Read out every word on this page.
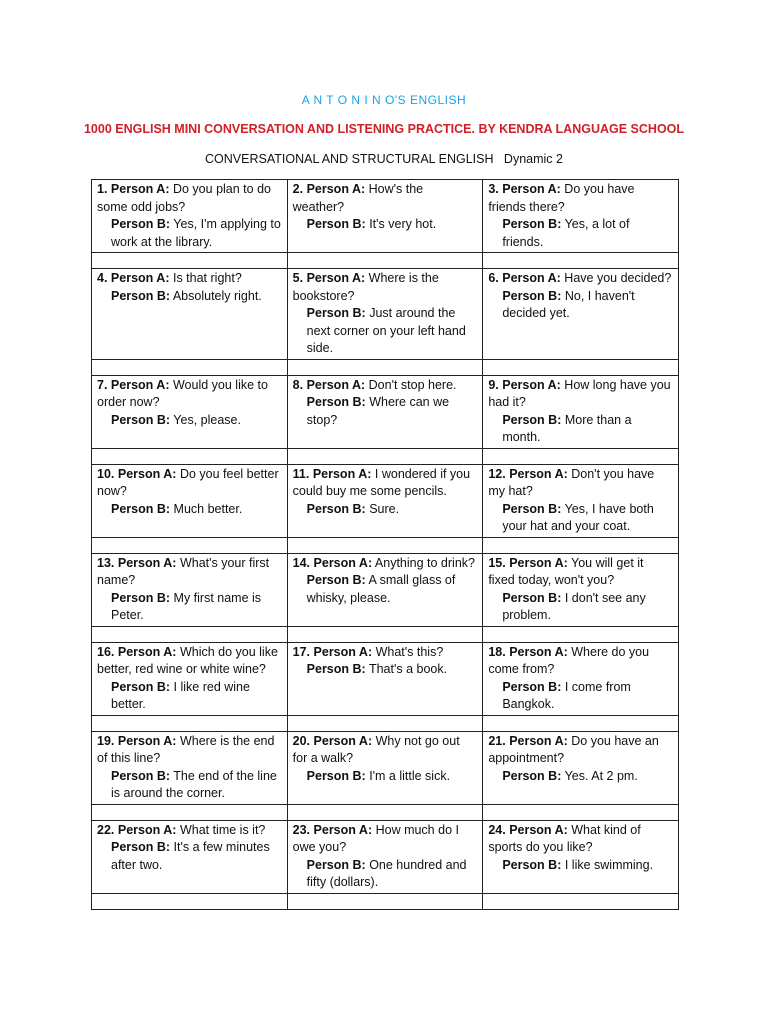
A N T O N I N O'S ENGLISH
1000 ENGLISH MINI CONVERSATION AND LISTENING PRACTICE. BY KENDRA LANGUAGE SCHOOL
CONVERSATIONAL AND STRUCTURAL ENGLISH   Dynamic 2
1. Person A: Do you plan to do some odd jobs?
Person B: Yes, I'm applying to work at the library.	2. Person A: How's the weather?
Person B: It's very hot.	3. Person A: Do you have friends there?
Person B: Yes, a lot of friends.

4. Person A: Is that right?
Person B: Absolutely right.	5. Person A: Where is the bookstore?
Person B: Just around the next corner on your left hand side.	6. Person A: Have you decided?
Person B: No, I haven't decided yet.

7. Person A: Would you like to order now?
Person B: Yes, please.	8. Person A: Don't stop here.
Person B: Where can we stop?	9. Person A: How long have you had it?
Person B: More than a month.

10. Person A: Do you feel better now?
Person B: Much better.	11. Person A: I wondered if you could buy me some pencils.
Person B: Sure.	12. Person A: Don't you have my hat?
Person B: Yes, I have both your hat and your coat.

13. Person A: What's your first name?
Person B: My first name is Peter.	14. Person A: Anything to drink?
Person B: A small glass of whisky, please.	15. Person A: You will get it fixed today, won't you?
Person B: I don't see any problem.

16. Person A: Which do you like better, red wine or white wine?
Person B: I like red wine better.	17. Person A: What's this?
Person B: That's a book.	18. Person A: Where do you come from?
Person B: I come from Bangkok.

19. Person A: Where is the end of this line?
Person B: The end of the line is around the corner.	20. Person A: Why not go out for a walk?
Person B: I'm a little sick.	21. Person A: Do you have an appointment?
Person B: Yes. At 2 pm.

22. Person A: What time is it?
Person B: It's a few minutes after two.	23. Person A: How much do I owe you?
Person B: One hundred and fifty (dollars).	24. Person A: What kind of sports do you like?
Person B: I like swimming.
